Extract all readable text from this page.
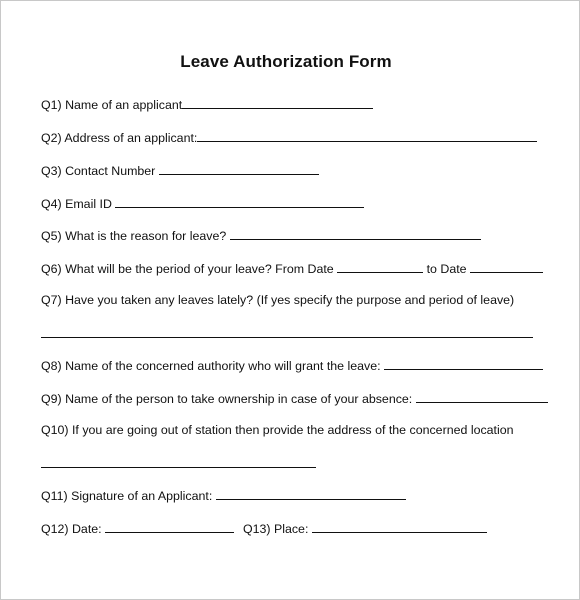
Leave Authorization Form
Q1) Name of an applicant
Q2) Address of an applicant:
Q3) Contact Number
Q4) Email ID
Q5) What is the reason for leave?
Q6) What will be the period of your leave? From Date	to Date
Q7) Have you taken any leaves lately? (If yes specify the purpose and period of leave)
Q8) Name of the concerned authority who will grant the leave:
Q9) Name of the person to take ownership in case of your absence:
Q10) If you are going out of station then provide the address of the concerned location
Q11) Signature of an Applicant:
Q12) Date:	Q13) Place:
